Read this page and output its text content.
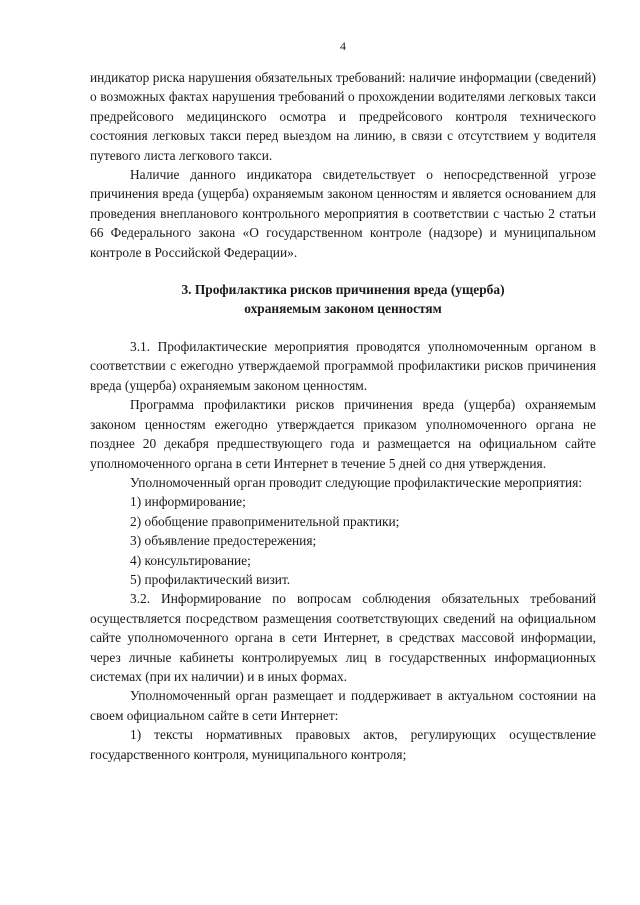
4

индикатор риска нарушения обязательных требований: наличие информации (сведений) о возможных фактах нарушения требований о прохождении водителями легковых такси предрейсового медицинского осмотра и предрейсового контроля технического состояния легковых такси перед выездом на линию, в связи с отсутствием у водителя путевого листа легкового такси.

Наличие данного индикатора свидетельствует о непосредственной угрозе причинения вреда (ущерба) охраняемым законом ценностям и является основанием для проведения внепланового контрольного мероприятия в соответствии с частью 2 статьи 66 Федерального закона «О государственном контроле (надзоре) и муниципальном контроле в Российской Федерации».

3. Профилактика рисков причинения вреда (ущерба)
охраняемым законом ценностям

3.1. Профилактические мероприятия проводятся уполномоченным органом в соответствии с ежегодно утверждаемой программой профилактики рисков причинения вреда (ущерба) охраняемым законом ценностям.

Программа профилактики рисков причинения вреда (ущерба) охраняемым законом ценностям ежегодно утверждается приказом уполномоченного органа не позднее 20 декабря предшествующего года и размещается на официальном сайте уполномоченного органа в сети Интернет в течение 5 дней со дня утверждения.

Уполномоченный орган проводит следующие профилактические мероприятия:

1) информирование;

2) обобщение правоприменительной практики;

3) объявление предостережения;

4) консультирование;

5) профилактический визит.

3.2. Информирование по вопросам соблюдения обязательных требований осуществляется посредством размещения соответствующих сведений на официальном сайте уполномоченного органа в сети Интернет, в средствах массовой информации, через личные кабинеты контролируемых лиц в государственных информационных системах (при их наличии) и в иных формах.

Уполномоченный орган размещает и поддерживает в актуальном состоянии на своем официальном сайте в сети Интернет:

1) тексты нормативных правовых актов, регулирующих осуществление государственного контроля, муниципального контроля;
